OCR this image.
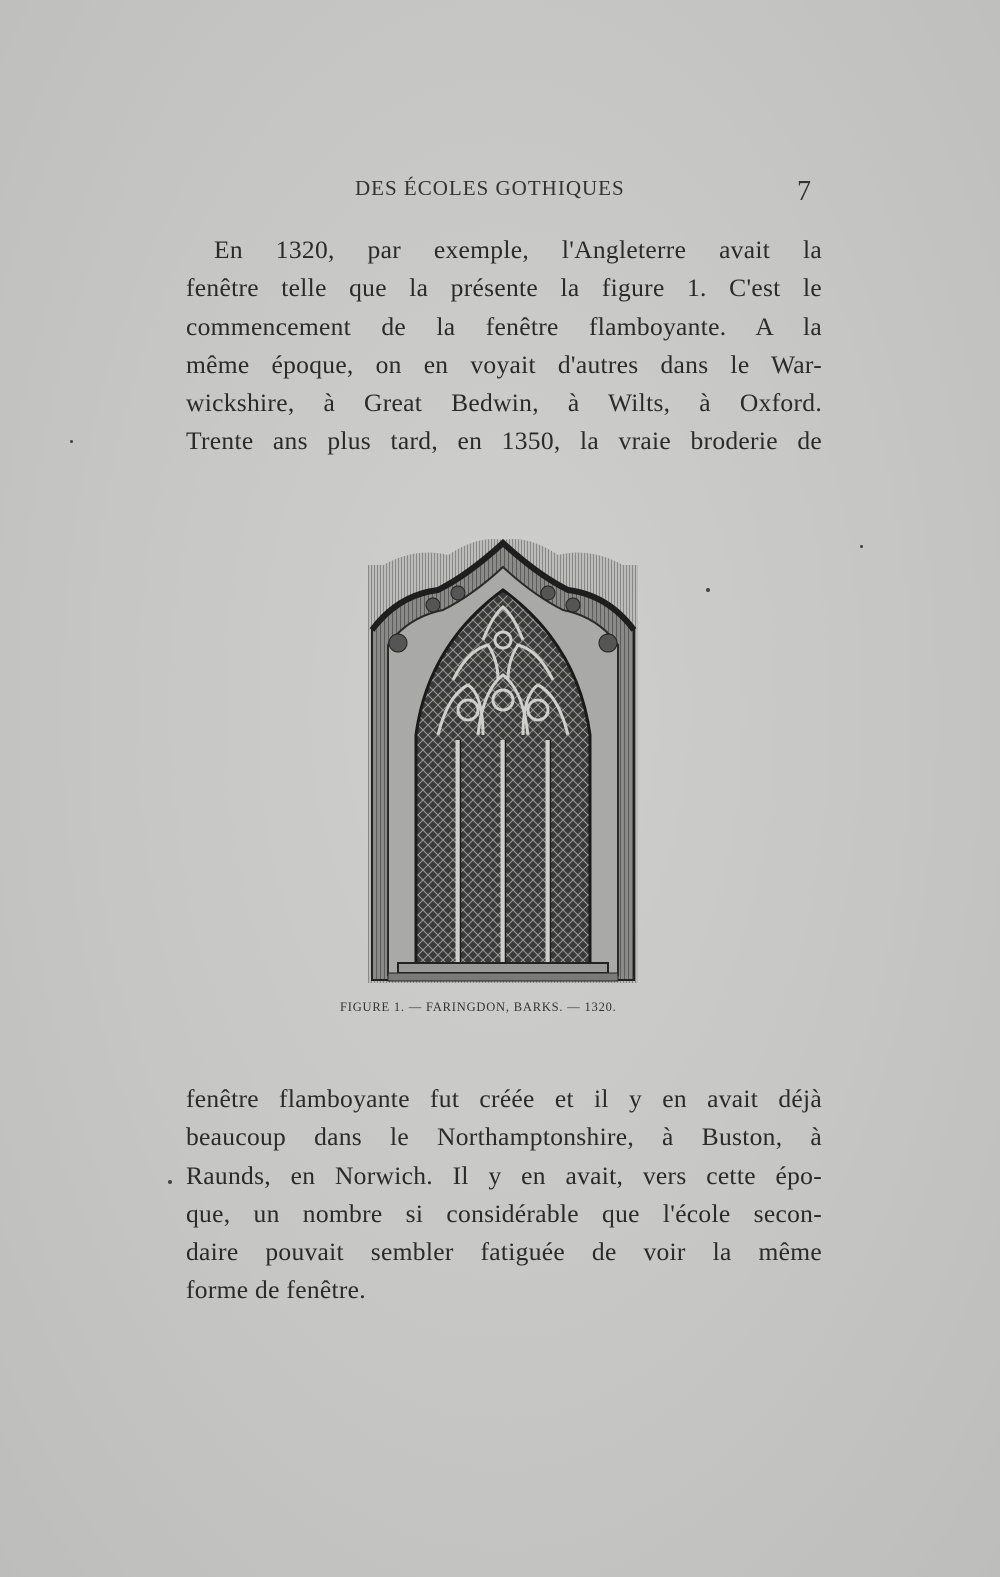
DES ÉCOLES GOTHIQUES	7
En 1320, par exemple, l'Angleterre avait la
fenêtre telle que la présente la figure 1. C'est le
commencement de la fenêtre flamboyante. A la
même époque, on en voyait d'autres dans le War-
wickshire, à Great Bedwin, à Wilts, à Oxford.
Trente ans plus tard, en 1350, la vraie broderie de
FIGURE 1. — FARINGDON, BARKS. — 1320.
fenêtre flamboyante fut créée et il y en avait déjà
beaucoup dans le Northamptonshire, à Buston, à
Raunds, en Norwich. Il y en avait, vers cette épo-
que, un nombre si considérable que l'école secon-
daire pouvait sembler fatiguée de voir la même
forme de fenêtre.
